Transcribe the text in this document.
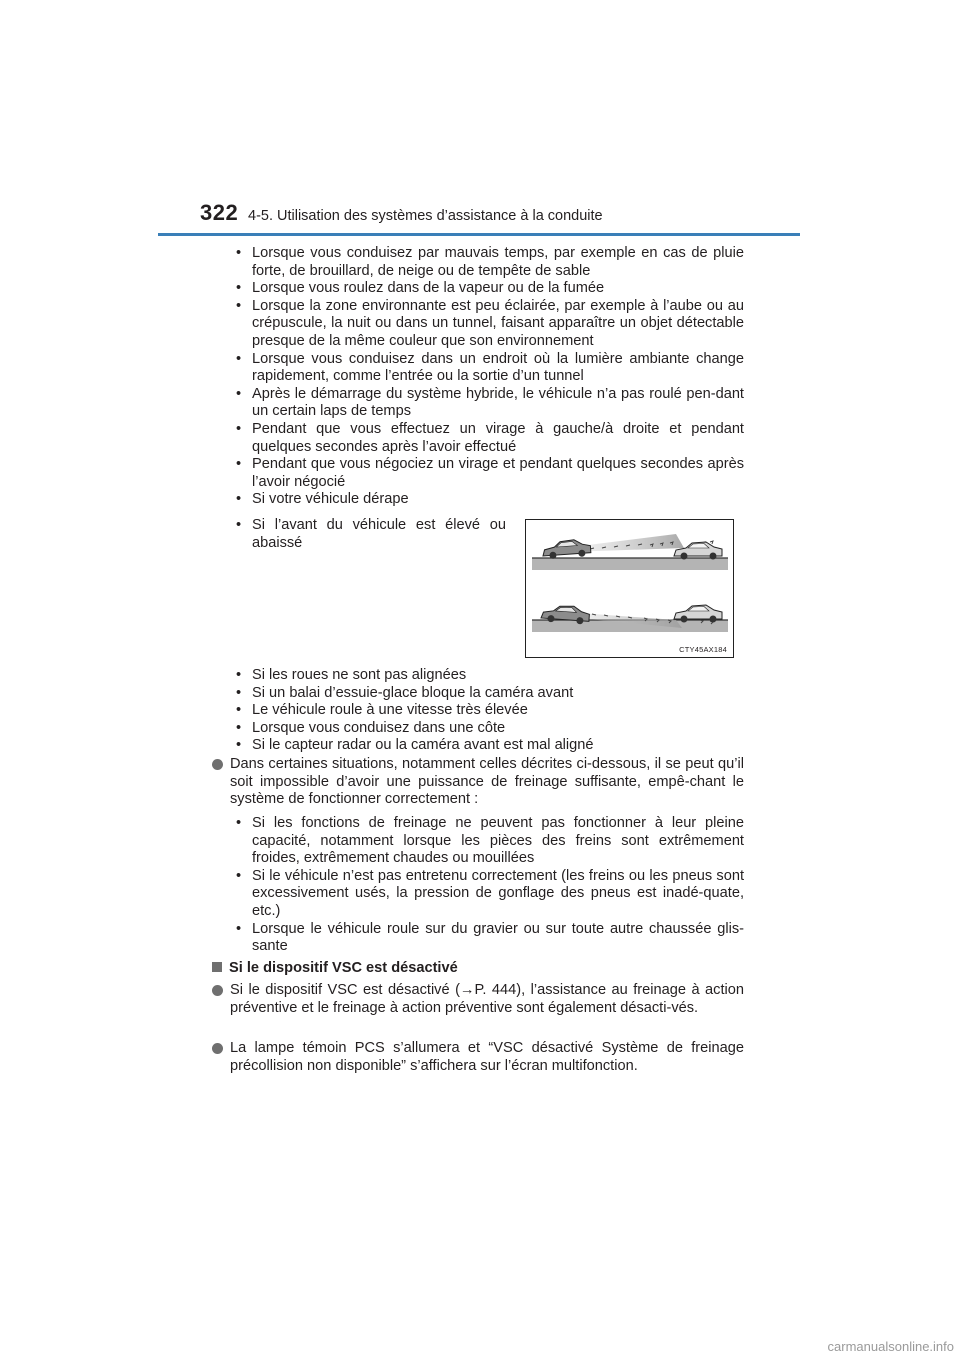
322 4-5. Utilisation des systèmes d’assistance à la conduite
• Lorsque vous conduisez par mauvais temps, par exemple en cas de pluie forte, de brouillard, de neige ou de tempête de sable
• Lorsque vous roulez dans de la vapeur ou de la fumée
• Lorsque la zone environnante est peu éclairée, par exemple à l’aube ou au crépuscule, la nuit ou dans un tunnel, faisant apparaître un objet détectable presque de la même couleur que son environnement
• Lorsque vous conduisez dans un endroit où la lumière ambiante change rapidement, comme l’entrée ou la sortie d’un tunnel
• Après le démarrage du système hybride, le véhicule n’a pas roulé pen-dant un certain laps de temps
• Pendant que vous effectuez un virage à gauche/à droite et pendant quelques secondes après l’avoir effectué
• Pendant que vous négociez un virage et pendant quelques secondes après l’avoir négocié
• Si votre véhicule dérape
• Si l’avant du véhicule est élevé ou abaissé
CTY45AX184
• Si les roues ne sont pas alignées
• Si un balai d’essuie-glace bloque la caméra avant
• Le véhicule roule à une vitesse très élevée
• Lorsque vous conduisez dans une côte
• Si le capteur radar ou la caméra avant est mal aligné
Dans certaines situations, notamment celles décrites ci-dessous, il se peut qu’il soit impossible d’avoir une puissance de freinage suffisante, empê-chant le système de fonctionner correctement :
• Si les fonctions de freinage ne peuvent pas fonctionner à leur pleine capacité, notamment lorsque les pièces des freins sont extrêmement froides, extrêmement chaudes ou mouillées
• Si le véhicule n’est pas entretenu correctement (les freins ou les pneus sont excessivement usés, la pression de gonflage des pneus est inadé-quate, etc.)
• Lorsque le véhicule roule sur du gravier ou sur toute autre chaussée glis-sante
Si le dispositif VSC est désactivé
Si le dispositif VSC est désactivé (→P. 444), l’assistance au freinage à action préventive et le freinage à action préventive sont également désacti-vés.
La lampe témoin PCS s’allumera et “VSC désactivé Système de freinage précollision non disponible” s’affichera sur l’écran multifonction.
carmanualsonline.info
